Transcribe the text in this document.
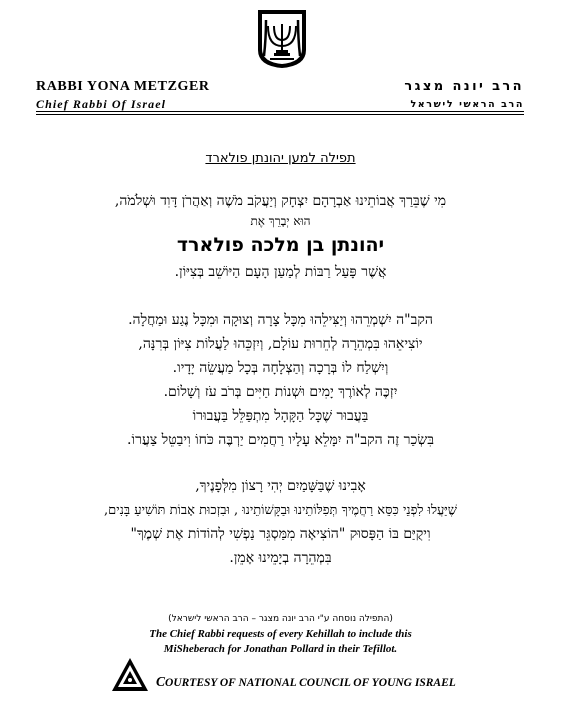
RABBI YONA METZGER
Chief Rabbi Of Israel
הרב יונה מצגר
הרב הראשי לישראל
תפילה למען יהונתן פולארד
מִי שֶׁבֵּרַךְ אֲבוֹתֵינוּ אַבְרָהָם יִצְחָק וְיַעֲקֹב מֹשֶׁה וְאַהֲרֹן דָּוִד וּשְׁלֹמֹה,
הוּא יְבָרֵךְ אֶת
יהונתן בן מלכה פולארד
אֲשֶׁר פָּעַל רַבּוֹת לְמַעַן הָעָם הַיּוֹשֵׁב בְּצִיּוֹן.
הקב"ה יִשְׁמְרֵהוּ וְיַצִּילֵהוּ מִכָּל צָרָה וְצוּקָה וּמִכָּל נֶגַע וּמַחֲלָה.
יוֹצִיאֵהוּ בִּמְהֵרָה לְחֵרוּת עוֹלָם, וְיִזְכֵּהוּ לַעֲלוֹת צִיּוֹן בְּרִנָּה,
וְיִשְׁלַח לוֹ בְּרָכָה וְהַצְלָחָה בְּכָל מַעֲשֵׂה יָדָיו.
יִזְכֶּה לְאוֹרֶךְ יָמִים וּשְׁנוֹת חַיִּים בְּרֹב עֹז וְשָׁלוֹם.
בַּעֲבוּר שֶׁכָּל הַקָּהָל מִתְפַּלֵּל בַּעֲבוּרוֹ
בִּשְׂכַר זֶה הקב"ה יִמָּלֵא עָלָיו רַחֲמִים יַרְבֶּה כֹּחוֹ וִיבַטֵּל צַעֲרוֹ.
אָבִינוּ שֶׁבַּשָּׁמַיִם יְהִי רָצוֹן מִלְּפָנֶיךָ,
שֶׁיַּעֲלוּ לִפְנֵי כִּסֵּא רַחֲמֶיךָ תְּפִלּוֹתֵינוּ וּבַקָּשׁוֹתֵינוּ , וּבִזְכוּת אָבוֹת תּוֹשִׁיעַ בָּנִים,
וִיקֻיַּם בּוֹ הַפָּסוּק "הוֹצִיאָה מִמַּסְגֵּר נַפְשִׁי לְהוֹדוֹת אֶת שְׁמֶךָ"
בִּמְהֵרָה בְיָמֵינוּ אָמֵן.
(התפילה נוסחה ע"י הרב יונה מצגר – הרב הראשי לישראל)
The Chief Rabbi requests of every Kehillah to include this
MiSheberach for Jonathan Pollard in their Tefillot.
COURTESY OF NATIONAL COUNCIL OF YOUNG ISRAEL
